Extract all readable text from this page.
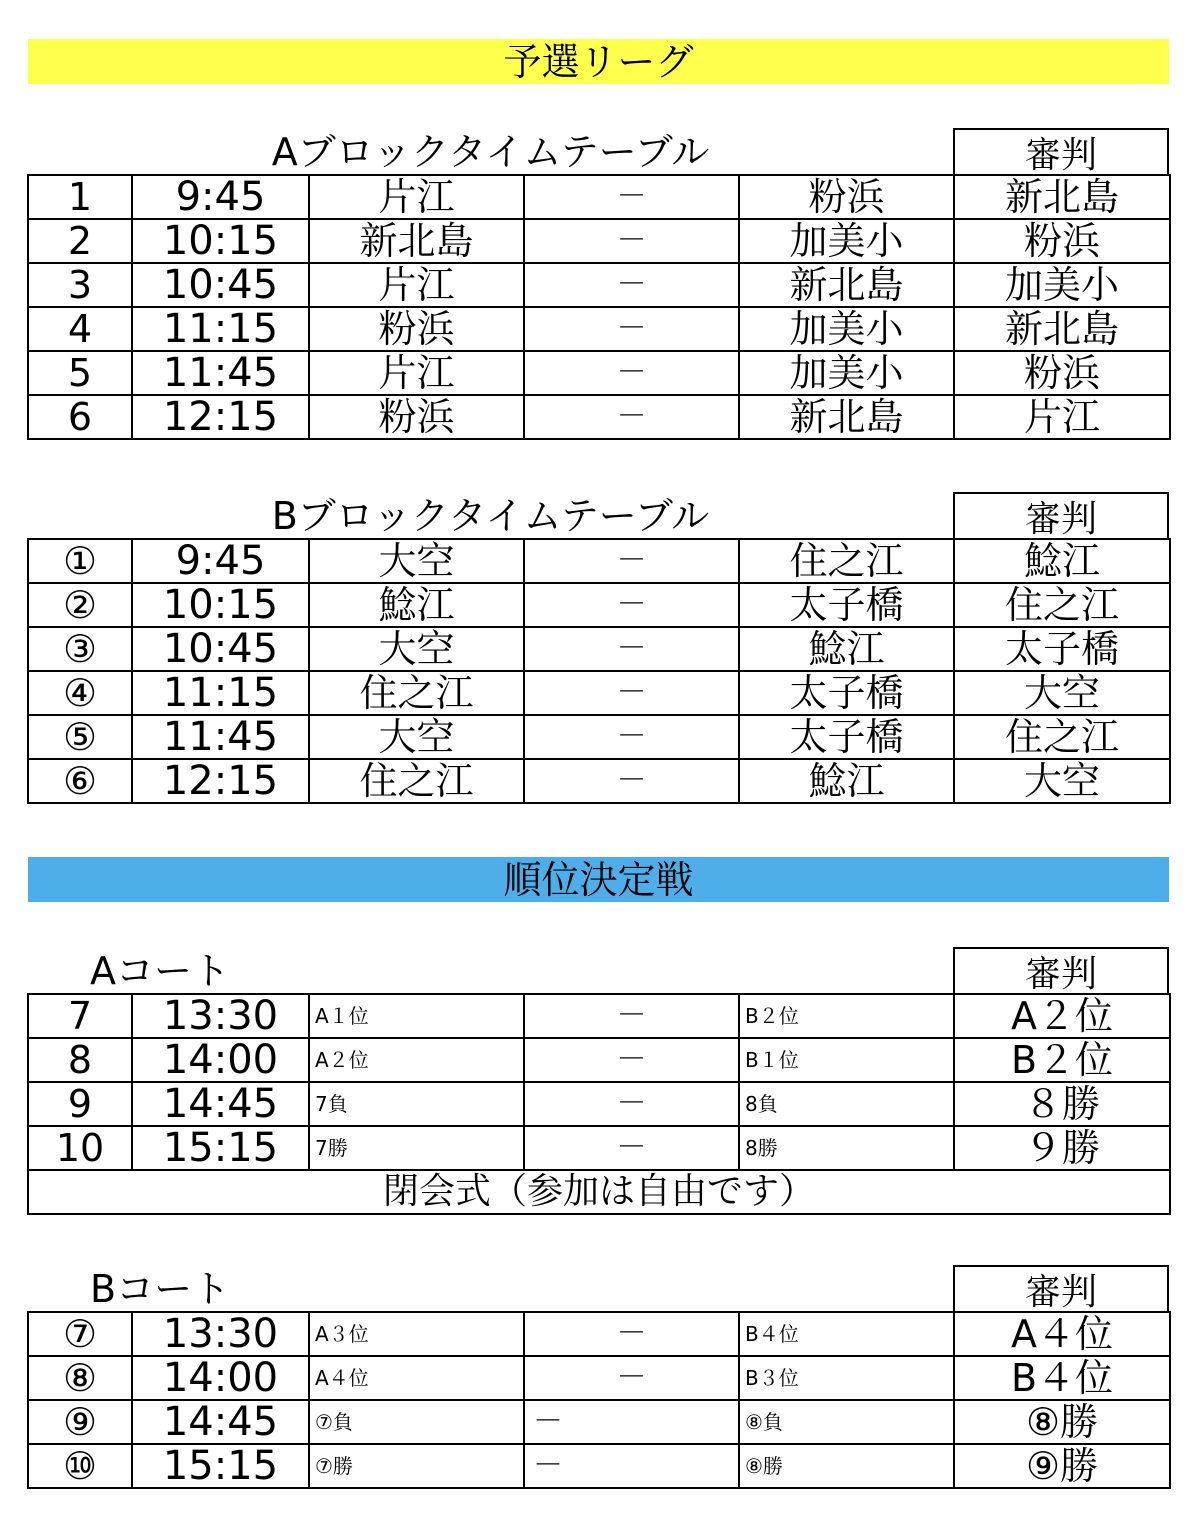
予選リーグ
Aブロックタイムテーブル	審判
1	9:45	片江	－	粉浜	新北島
2	10:15	新北島	－	加美小	粉浜
3	10:45	片江	－	新北島	加美小
4	11:15	粉浜	－	加美小	新北島
5	11:45	片江	－	加美小	粉浜
6	12:15	粉浜	－	新北島	片江
Bブロックタイムテーブル	審判
①	9:45	大空	－	住之江	鯰江
②	10:15	鯰江	－	太子橋	住之江
③	10:45	大空	－	鯰江	太子橋
④	11:15	住之江	－	太子橋	大空
⑤	11:45	大空	－	太子橋	住之江
⑥	12:15	住之江	－	鯰江	大空
順位決定戦
Aコート	審判
7	13:30	A１位	－	B２位	A２位
8	14:00	A２位	－	B１位	B２位
9	14:45	7負	－	8負	８勝
10	15:15	7勝	－	8勝	９勝
閉会式（参加は自由です）					
Bコート	審判
⑦	13:30	A３位	－	B４位	A４位
⑧	14:00	A４位	－	B３位	B４位
⑨	14:45	⑦負	－	⑧負	⑧勝
⑩	15:15	⑦勝	－	⑧勝	⑨勝
